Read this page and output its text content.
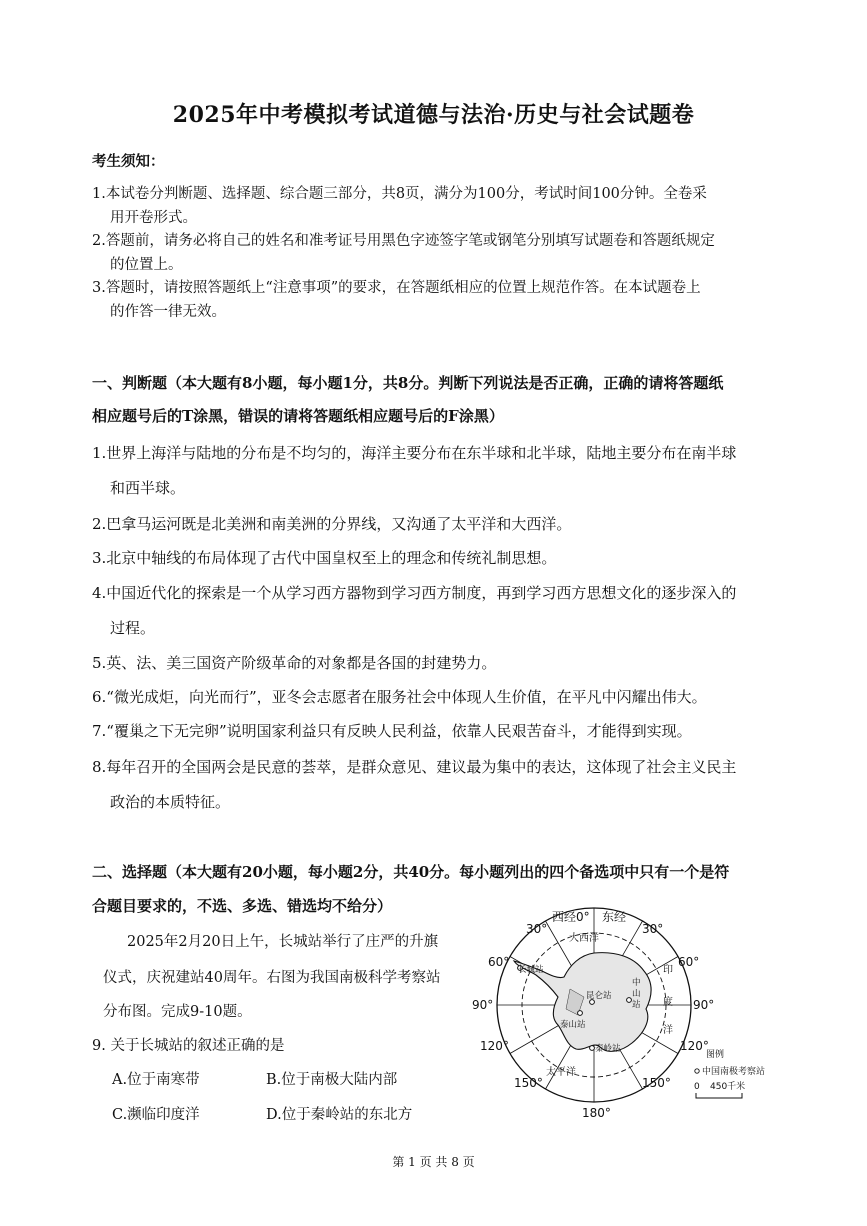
2025年中考模拟考试道德与法治·历史与社会试题卷
考生须知：
1.本试卷分判断题、选择题、综合题三部分，共8页，满分为100分，考试时间100分钟。全卷采
用开卷形式。
2.答题前，请务必将自己的姓名和准考证号用黑色字迹签字笔或钢笔分别填写试题卷和答题纸规定
的位置上。
3.答题时，请按照答题纸上“注意事项”的要求，在答题纸相应的位置上规范作答。在本试题卷上
的作答一律无效。
一、判断题（本大题有8小题，每小题1分，共8分。判断下列说法是否正确，正确的请将答题纸
相应题号后的T涂黑，错误的请将答题纸相应题号后的F涂黑）
1.世界上海洋与陆地的分布是不均匀的，海洋主要分布在东半球和北半球，陆地主要分布在南半球
和西半球。
2.巴拿马运河既是北美洲和南美洲的分界线，又沟通了太平洋和大西洋。
3.北京中轴线的布局体现了古代中国皇权至上的理念和传统礼制思想。
4.中国近代化的探索是一个从学习西方器物到学习西方制度，再到学习西方思想文化的逐步深入的
过程。
5.英、法、美三国资产阶级革命的对象都是各国的封建势力。
6.“微光成炬，向光而行”，亚冬会志愿者在服务社会中体现人生价值，在平凡中闪耀出伟大。
7.“覆巢之下无完卵”说明国家利益只有反映人民利益，依靠人民艰苦奋斗，才能得到实现。
8.每年召开的全国两会是民意的荟萃，是群众意见、建议最为集中的表达，这体现了社会主义民主
政治的本质特征。
二、选择题（本大题有20小题，每小题2分，共40分。每小题列出的四个备选项中只有一个是符
合题目要求的，不选、多选、错选均不给分）
2025年2月20日上午，长城站举行了庄严的升旗
仪式，庆祝建站40周年。右图为我国南极科学考察站
分布图。完成9-10题。
9. 关于长城站的叙述正确的是
A.位于南寒带	B.位于南极大陆内部
C.濒临印度洋	D.位于秦岭站的东北方
西经0° 东经
30°	30°
60°	60°
90°	90°
120°	120°
150°	150°
180°
大西洋
印
度
洋
太平洋
长城站
昆仑站
泰山站
中
山
站
秦岭站
图例
中国南极考察站
0 450千米
第 1 页 共 8 页
